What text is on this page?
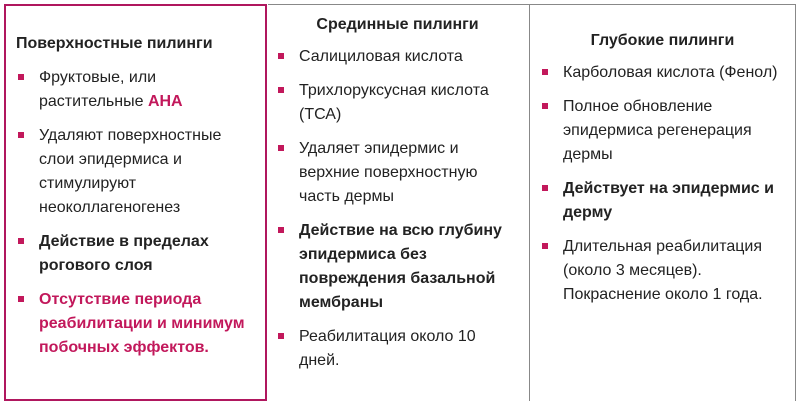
Поверхностные пилинги
Фруктовые, или растительные АНА
Удаляют поверхностные слои эпидермиса и стимулируют неоколлагеногенез
Действие в пределах рогового слоя
Отсутствие периода реабилитации и минимум побочных эффектов.
Срединные пилинги
Салициловая кислота
Трихлоруксусная кислота (ТСА)
Удаляет эпидермис и верхние поверхностную часть дермы
Действие на всю глубину эпидермиса без повреждения базальной мембраны
Реабилитация около 10 дней.
Глубокие пилинги
Карболовая кислота (Фенол)
Полное обновление эпидермиса регенерация дермы
Действует на эпидермис и дерму
Длительная реабилитация (около 3 месяцев). Покраснение около 1 года.
